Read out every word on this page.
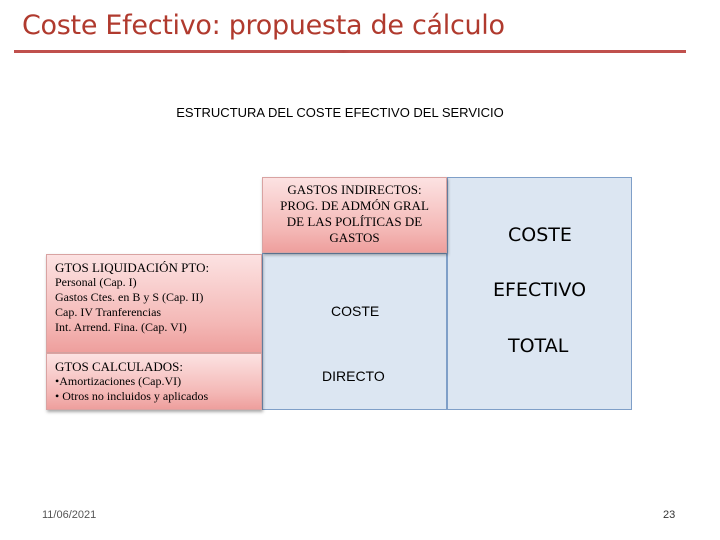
Coste Efectivo: propuesta de cálculo
ESTRUCTURA DEL COSTE EFECTIVO DEL SERVICIO
GASTOS INDIRECTOS:
PROG. DE ADMÓN GRAL
DE LAS POLÍTICAS DE
GASTOS
GTOS LIQUIDACIÓN PTO:
Personal (Cap. I)
Gastos Ctes. en B y S (Cap. II)
Cap. IV Tranferencias
Int. Arrend. Fina. (Cap. VI)
GTOS CALCULADOS:
•Amortizaciones (Cap.VI)
• Otros no incluidos y aplicados
COSTE
DIRECTO
COSTE
EFECTIVO
TOTAL
11/06/2021	23
